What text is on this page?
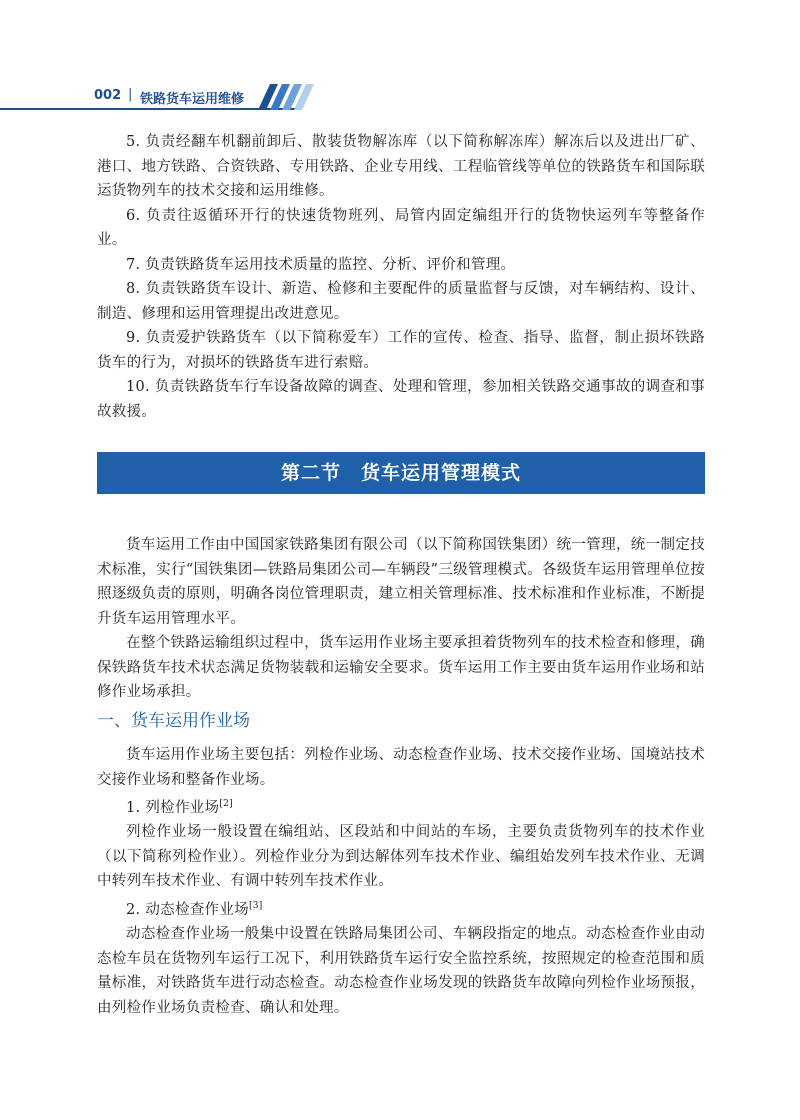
002 | 铁路货车运用维修

5. 负责经翻车机翻前卸后、散装货物解冻库（以下简称解冻库）解冻后以及进出厂矿、港口、地方铁路、合资铁路、专用铁路、企业专用线、工程临管线等单位的铁路货车和国际联运货物列车的技术交接和运用维修。

6. 负责往返循环开行的快速货物班列、局管内固定编组开行的货物快运列车等整备作业。

7. 负责铁路货车运用技术质量的监控、分析、评价和管理。

8. 负责铁路货车设计、新造、检修和主要配件的质量监督与反馈，对车辆结构、设计、制造、修理和运用管理提出改进意见。

9. 负责爱护铁路货车（以下简称爱车）工作的宣传、检查、指导、监督，制止损坏铁路货车的行为，对损坏的铁路货车进行索赔。

10. 负责铁路货车行车设备故障的调查、处理和管理，参加相关铁路交通事故的调查和事故救援。

第二节　货车运用管理模式

货车运用工作由中国国家铁路集团有限公司（以下简称国铁集团）统一管理，统一制定技术标准，实行“国铁集团—铁路局集团公司—车辆段”三级管理模式。各级货车运用管理单位按照逐级负责的原则，明确各岗位管理职责，建立相关管理标准、技术标准和作业标准，不断提升货车运用管理水平。

在整个铁路运输组织过程中，货车运用作业场主要承担着货物列车的技术检查和修理，确保铁路货车技术状态满足货物装载和运输安全要求。货车运用工作主要由货车运用作业场和站修作业场承担。

一、货车运用作业场

货车运用作业场主要包括：列检作业场、动态检查作业场、技术交接作业场、国境站技术交接作业场和整备作业场。

1. 列检作业场[2]

列检作业场一般设置在编组站、区段站和中间站的车场，主要负责货物列车的技术作业（以下简称列检作业）。列检作业分为到达解体列车技术作业、编组始发列车技术作业、无调中转列车技术作业、有调中转列车技术作业。

2. 动态检查作业场[3]

动态检查作业场一般集中设置在铁路局集团公司、车辆段指定的地点。动态检查作业由动态检车员在货物列车运行工况下，利用铁路货车运行安全监控系统，按照规定的检查范围和质量标准，对铁路货车进行动态检查。动态检查作业场发现的铁路货车故障向列检作业场预报，由列检作业场负责检查、确认和处理。
